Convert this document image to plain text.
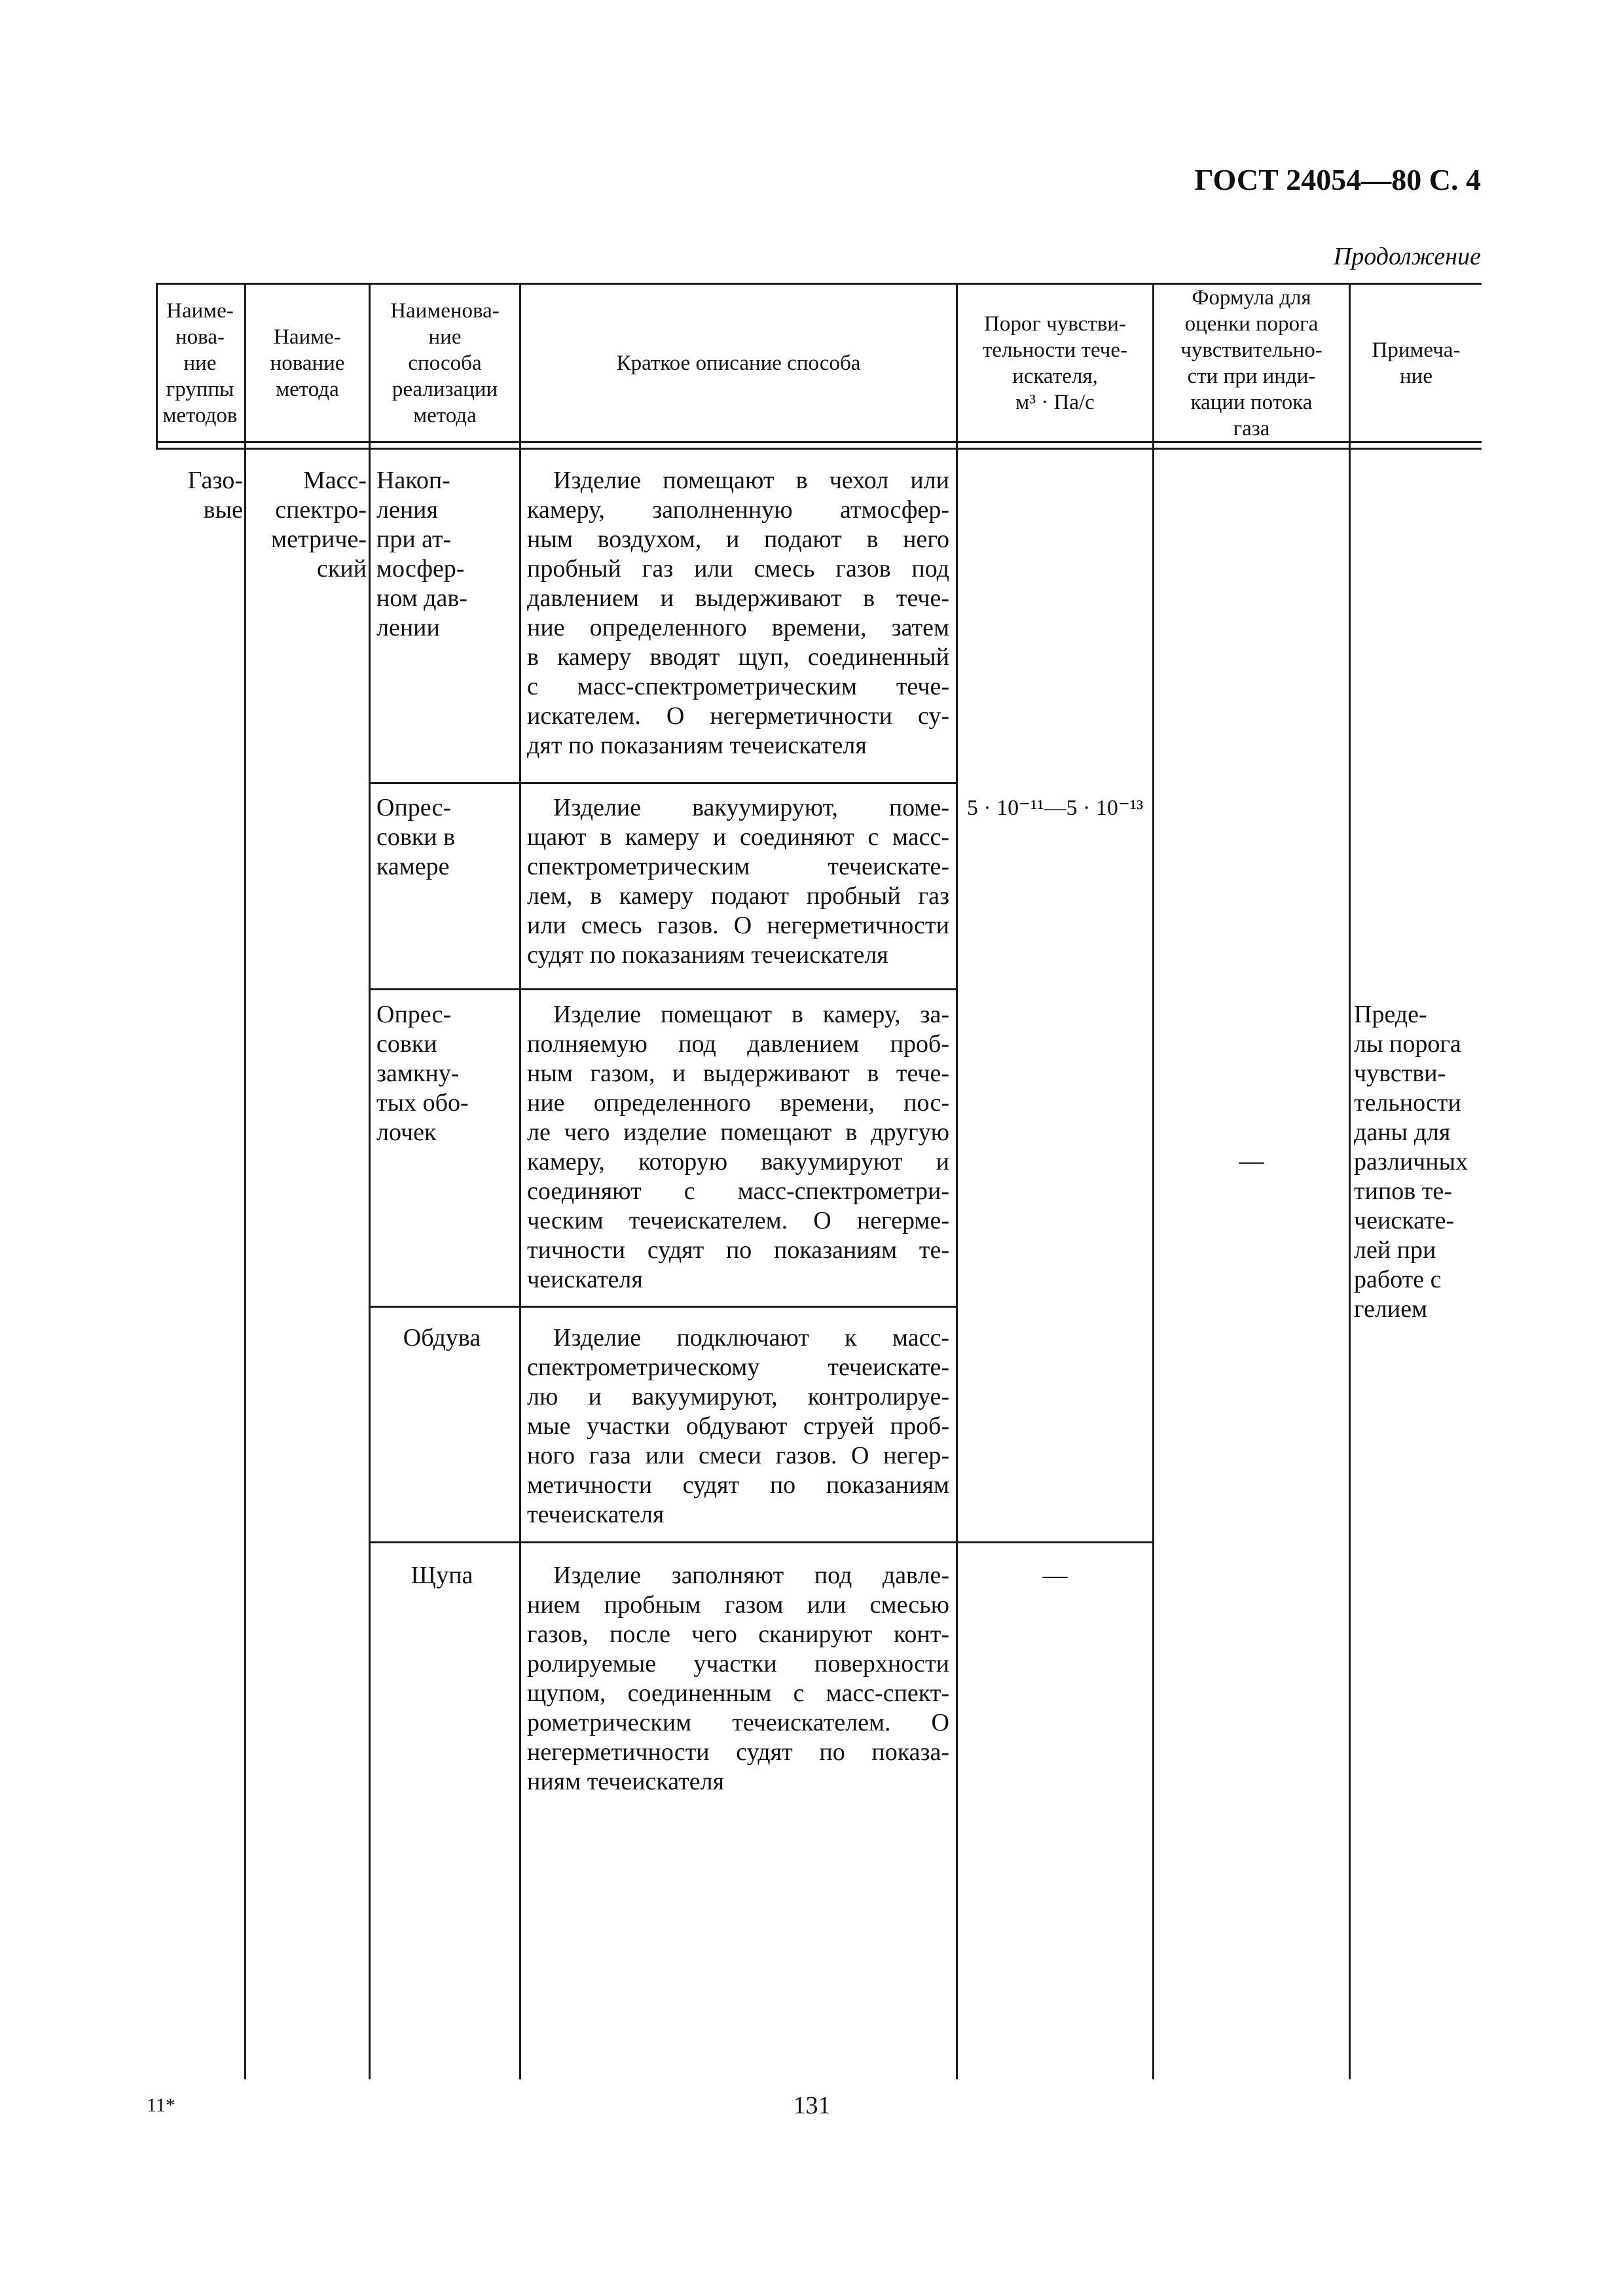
ГОСТ 24054—80 С. 4
Продолжение
Наиме-
нова-
ние
группы
методов
Наиме-
нование
метода
Наименова-
ние
способа
реализации
метода
Краткое описание способа
Порог чувстви-
тельности тече-
искателя,
м³ · Па/с
Формула для
оценки порога
чувствительно-
сти при инди-
кации потока
газа
Примеча-
ние
Газо-
вые
Масс-
спектро-
метриче-
ский
Накоп-
ления
при ат-
мосфер-
ном дав-
лении
Опрес-
совки в
камере
Опрес-
совки
замкну-
тых обо-
лочек
Обдува
Щупа
Изделие помещают в чехол или
камеру, заполненную атмосфер-
ным воздухом, и подают в него
пробный газ или смесь газов под
давлением и выдерживают в тече-
ние определенного времени, затем
в камеру вводят щуп, соединенный
с масс-спектрометрическим тече-
искателем. О негерметичности су-
дят по показаниям течеискателя
Изделие вакуумируют, поме-
щают в камеру и соединяют с масс-
спектрометрическим течеискате-
лем, в камеру подают пробный газ
или смесь газов. О негерметичности
судят по показаниям течеискателя
Изделие помещают в камеру, за-
полняемую под давлением проб-
ным газом, и выдерживают в тече-
ние определенного времени, пос-
ле чего изделие помещают в другую
камеру, которую вакуумируют и
соединяют с масс-спектрометри-
ческим течеискателем. О негерме-
тичности судят по показаниям те-
чеискателя
Изделие подключают к масс-
спектрометрическому течеискате-
лю и вакуумируют, контролируе-
мые участки обдувают струей проб-
ного газа или смеси газов. О негер-
метичности судят по показаниям
течеискателя
Изделие заполняют под давле-
нием пробным газом или смесью
газов, после чего сканируют конт-
ролируемые участки поверхности
щупом, соединенным с масс-спект-
рометрическим течеискателем. О
негерметичности судят по показа-
ниям течеискателя
5 · 10⁻¹¹—5 · 10⁻¹³
—
—
Преде-
лы порога
чувстви-
тельности
даны для
различных
типов те-
чеискате-
лей при
работе с
гелием
11*	131
